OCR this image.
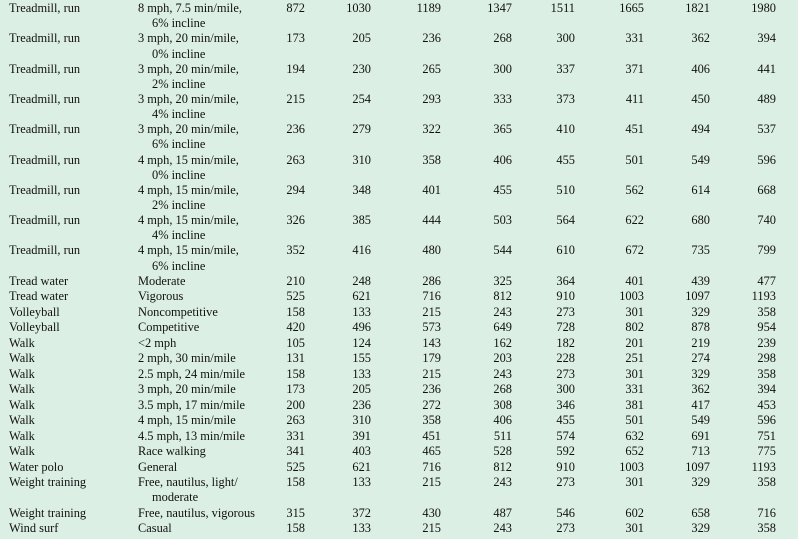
Treadmill, run	8 mph, 7.5 min/mile,
6% incline
872	1030	1189	1347	1511	1665	1821	1980
Treadmill, run	3 mph, 20 min/mile,
0% incline
173	205	236	268	300	331	362	394
Treadmill, run	3 mph, 20 min/mile,
2% incline
194	230	265	300	337	371	406	441
Treadmill, run	3 mph, 20 min/mile,
4% incline
215	254	293	333	373	411	450	489
Treadmill, run	3 mph, 20 min/mile,
6% incline
236	279	322	365	410	451	494	537
Treadmill, run	4 mph, 15 min/mile,
0% incline
263	310	358	406	455	501	549	596
Treadmill, run	4 mph, 15 min/mile,
2% incline
294	348	401	455	510	562	614	668
Treadmill, run	4 mph, 15 min/mile,
4% incline
326	385	444	503	564	622	680	740
Treadmill, run	4 mph, 15 min/mile,
6% incline
352	416	480	544	610	672	735	799
Tread water	Moderate	210	248	286	325	364	401	439	477
Tread water	Vigorous	525	621	716	812	910	1003	1097	1193
Volleyball	Noncompetitive	158	133	215	243	273	301	329	358
Volleyball	Competitive	420	496	573	649	728	802	878	954
Walk	<2 mph	105	124	143	162	182	201	219	239
Walk	2 mph, 30 min/mile	131	155	179	203	228	251	274	298
Walk	2.5 mph, 24 min/mile	158	133	215	243	273	301	329	358
Walk	3 mph, 20 min/mile	173	205	236	268	300	331	362	394
Walk	3.5 mph, 17 min/mile	200	236	272	308	346	381	417	453
Walk	4 mph, 15 min/mile	263	310	358	406	455	501	549	596
Walk	4.5 mph, 13 min/mile	331	391	451	511	574	632	691	751
Walk	Race walking	341	403	465	528	592	652	713	775
Water polo	General	525	621	716	812	910	1003	1097	1193
Weight training	Free, nautilus, light/
moderate
158	133	215	243	273	301	329	358
Weight training	Free, nautilus, vigorous	315	372	430	487	546	602	658	716
Wind surf	Casual	158	133	215	243	273	301	329	358
